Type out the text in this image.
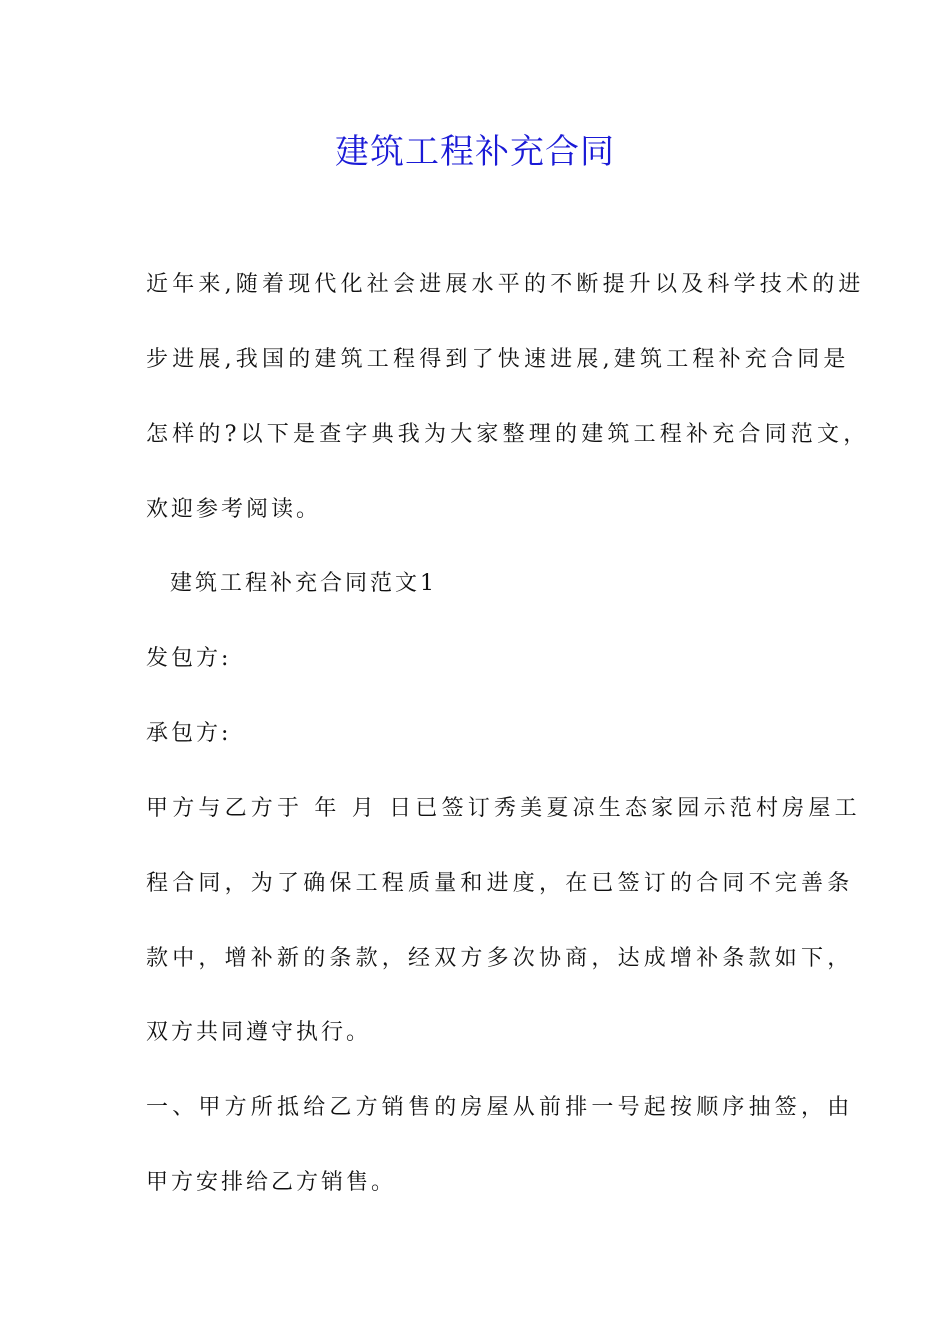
建筑工程补充合同
近年来,随着现代化社会进展水平的不断提升以及科学技术的进
步进展,我国的建筑工程得到了快速进展,建筑工程补充合同是
怎样的?以下是查字典我为大家整理的建筑工程补充合同范文，
欢迎参考阅读。
建筑工程补充合同范文1
发包方:
承包方:
甲方与乙方于 年 月 日已签订秀美夏凉生态家园示范村房屋工
程合同，为了确保工程质量和进度，在已签订的合同不完善条
款中，增补新的条款，经双方多次协商，达成增补条款如下，
双方共同遵守执行。
一、甲方所抵给乙方销售的房屋从前排一号起按顺序抽签，由
甲方安排给乙方销售。
